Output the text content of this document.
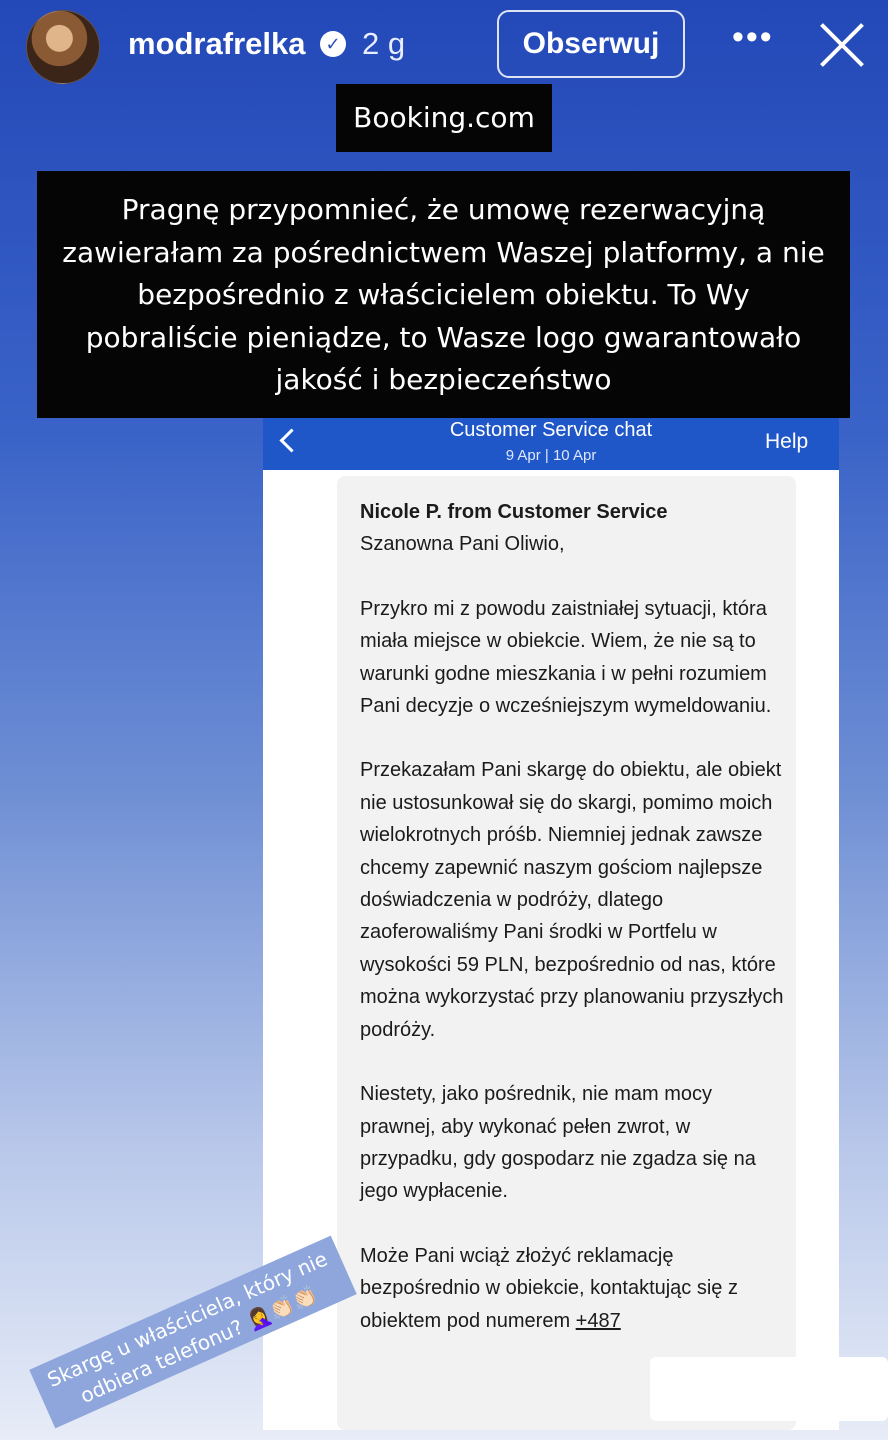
modrafrelka	✓ 2 g	Obserwuj	•••
Booking.com
Pragnę przypomnieć, że umowę rezerwacyjną zawierałam za pośrednictwem Waszej platformy, a nie bezpośrednio z właścicielem obiektu. To Wy pobraliście pieniądze, to Wasze logo gwarantowało jakość i bezpieczeństwo
Customer Service chat
9 Apr | 10 Apr
Help

Nicole P. from Customer Service

Szanowna Pani Oliwio,

Przykro mi z powodu zaistniałej sytuacji, która miała miejsce w obiekcie. Wiem, że nie są to warunki godne mieszkania i w pełni rozumiem Pani decyzje o wcześniejszym wymeldowaniu.

Przekazałam Pani skargę do obiektu, ale obiekt nie ustosunkował się do skargi, pomimo moich wielokrotnych próśb. Niemniej jednak zawsze chcemy zapewnić naszym gościom najlepsze doświadczenia w podróży, dlatego zaoferowaliśmy Pani środki w Portfelu w wysokości 59 PLN, bezpośrednio od nas, które można wykorzystać przy planowaniu przyszłych podróży.

Niestety, jako pośrednik, nie mam mocy prawnej, aby wykonać pełen zwrot, w przypadku, gdy gospodarz nie zgadza się na jego wypłacenie.

Może Pani wciąż złożyć reklamację bezpośrednio w obiekcie, kontaktując się z obiektem pod numerem +487

Skargę u właściciela, który nie odbiera telefonu? 🤦‍♀️👏🏻👏🏻
